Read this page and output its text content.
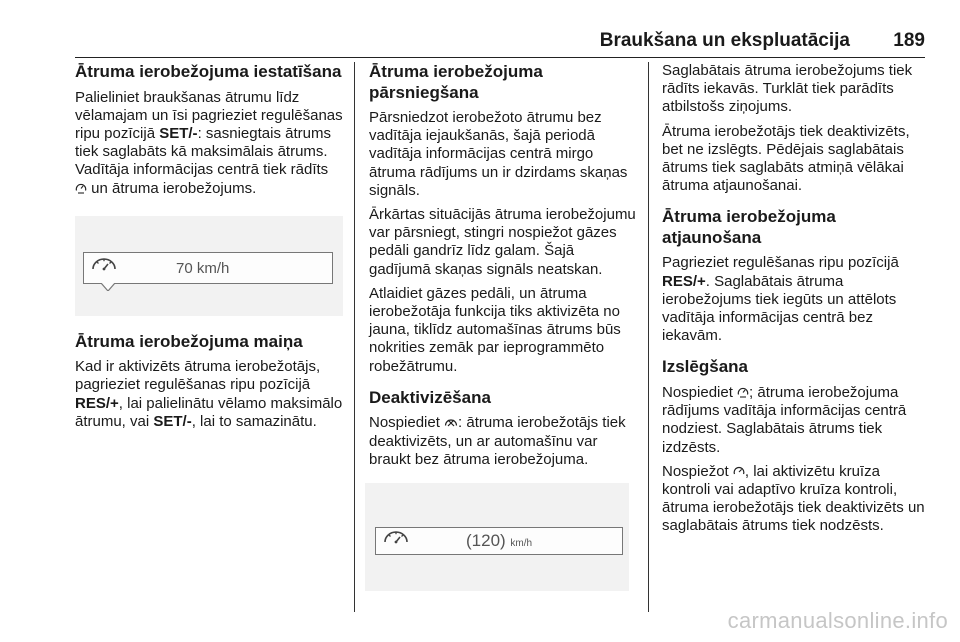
Braukšana un ekspluatācija 189
Ātruma ierobežojuma iestatīšana

Palieliniet braukšanas ātrumu līdz vēlamajam un īsi pagrieziet regulēšanas ripu pozīcijā SET/-: sasniegtais ātrums tiek saglabāts kā maksimālais ātrums. Vadītāja informācijas centrā tiek rādīts  un ātruma ierobežojums.

70 km/h
Ātruma ierobežojuma maiņa

Kad ir aktivizēts ātruma ierobežotājs, pagrieziet regulēšanas ripu pozīcijā RES/+, lai palielinātu vēlamo maksimālo ātrumu, vai SET/-, lai to samazinātu.

Ātruma ierobežojuma pārsniegšana

Pārsniedzot ierobežoto ātrumu bez vadītāja iejaukšanās, šajā periodā vadītāja informācijas centrā mirgo ātruma rādījums un ir dzirdams skaņas signāls.

Ārkārtas situācijās ātruma ierobežojumu var pārsniegt, stingri nospiežot gāzes pedāli gandrīz līdz galam. Šajā gadījumā skaņas signāls neatskan.

Atlaidiet gāzes pedāli, un ātruma ierobežotāja funkcija tiks aktivizēta no jauna, tiklīdz automašīnas ātrums būs nokrities zemāk par ieprogrammēto robežātrumu.

Deaktivizēšana

Nospiediet : ātruma ierobežotājs tiek deaktivizēts, un ar automašīnu var braukt bez ātruma ierobežojuma.

(120) km/h

Saglabātais ātruma ierobežojums tiek rādīts iekavās. Turklāt tiek parādīts atbilstošs ziņojums.

Ātruma ierobežotājs tiek deaktivizēts, bet ne izslēgts. Pēdējais saglabātais ātrums tiek saglabāts atmiņā vēlākai ātruma atjaunošanai.

Ātruma ierobežojuma atjaunošana

Pagrieziet regulēšanas ripu pozīcijā RES/+. Saglabātais ātruma ierobežojums tiek iegūts un attēlots vadītāja informācijas centrā bez iekavām.

Izslēgšana

Nospiediet ; ātruma ierobežojuma rādījums vadītāja informācijas centrā nodziest. Saglabātais ātrums tiek izdzēsts.

Nospiežot , lai aktivizētu kruīza kontroli vai adaptīvo kruīza kontroli, ātruma ierobežotājs tiek deaktivizēts un saglabātais ātrums tiek nodzēsts.

carmanualsonline.info
